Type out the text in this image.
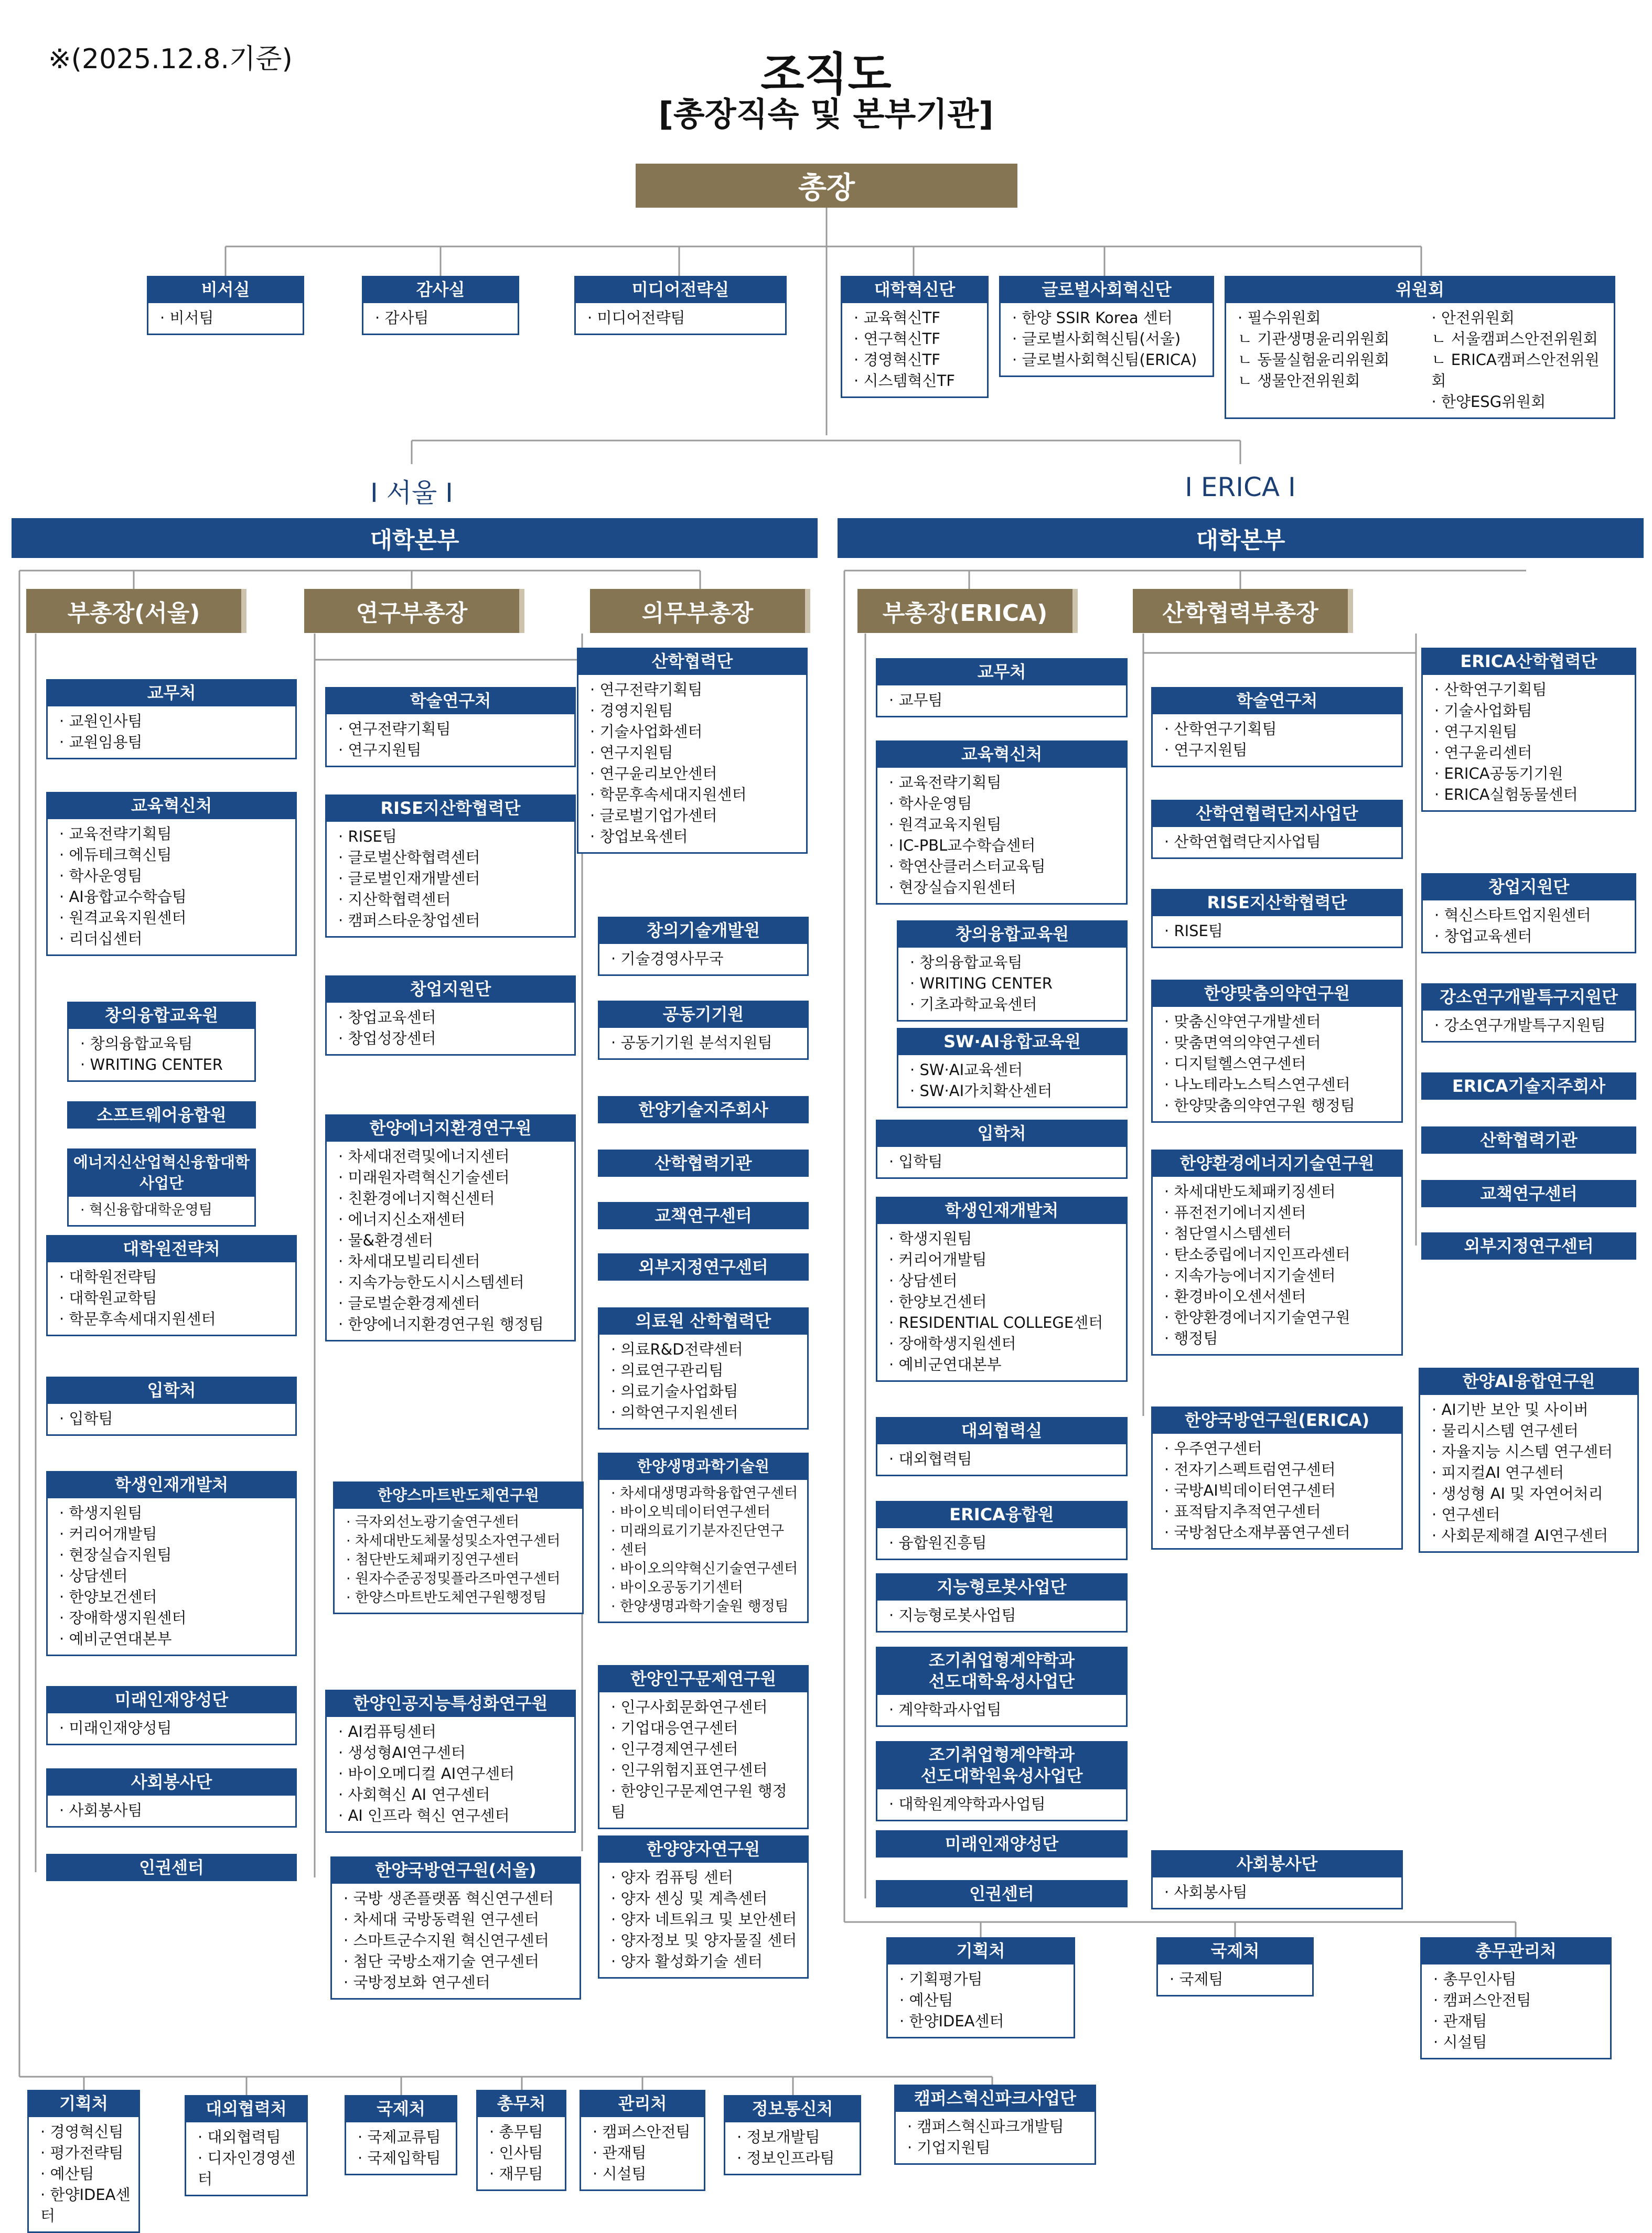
※(2025.12.8.기준)	조직도
[총장직속 및 본부기관]
총장
비서실
· 비서팀
감사실
· 감사팀
미디어전략실
· 미디어전략팀
대학혁신단
· 교육혁신TF
· 연구혁신TF
· 경영혁신TF
· 시스템혁신TF
글로벌사회혁신단
· 한양 SSIR Korea 센터
· 글로벌사회혁신팀(서울)
· 글로벌사회혁신팀(ERICA)
위원회
· 필수위원회
ㄴ 기관생명윤리위원회
ㄴ 동물실험윤리위원회
ㄴ 생물안전위원회
· 안전위원회
ㄴ 서울캠퍼스안전위원회
ㄴ ERICA캠퍼스안전위원회
· 한양ESG위원회
Ⅰ 서울 Ⅰ	Ⅰ ERICA Ⅰ
대학본부	대학본부
부총장(서울)	연구부총장	의무부총장	부총장(ERICA)	산학협력부총장
교무처
· 교원인사팀
· 교원임용팀
교육혁신처
· 교육전략기획팀
· 에듀테크혁신팀
· 학사운영팀
· AI융합교수학습팀
· 원격교육지원센터
· 리더십센터
창의융합교육원
· 창의융합교육팀
· WRITING CENTER
소프트웨어융합원
에너지신산업혁신융합대학사업단
· 혁신융합대학운영팀
대학원전략처
· 대학원전략팀
· 대학원교학팀
· 학문후속세대지원센터
입학처
· 입학팀
학생인재개발처
· 학생지원팀
· 커리어개발팀
· 현장실습지원팀
· 상담센터
· 한양보건센터
· 장애학생지원센터
· 예비군연대본부
미래인재양성단
· 미래인재양성팀
사회봉사단
· 사회봉사팀
인권센터
학술연구처
· 연구전략기획팀
· 연구지원팀
RISE지산학협력단
· RISE팀
· 글로벌산학협력센터
· 글로벌인재개발센터
· 지산학협력센터
· 캠퍼스타운창업센터
창업지원단
· 창업교육센터
· 창업성장센터
한양에너지환경연구원
· 차세대전력및에너지센터
· 미래원자력혁신기술센터
· 친환경에너지혁신센터
· 에너지신소재센터
· 물&환경센터
· 차세대모빌리티센터
· 지속가능한도시시스템센터
· 글로벌순환경제센터
· 한양에너지환경연구원 행정팀
한양스마트반도체연구원
· 극자외선노광기술연구센터
· 차세대반도체물성및소자연구센터
· 첨단반도체패키징연구센터
· 원자수준공정및플라즈마연구센터
· 한양스마트반도체연구원행정팀
한양인공지능특성화연구원
· AI컴퓨팅센터
· 생성형AI연구센터
· 바이오메디컬 AI연구센터
· 사회혁신 AI 연구센터
· AI 인프라 혁신 연구센터
한양국방연구원(서울)
· 국방 생존플랫폼 혁신연구센터
· 차세대 국방동력원 연구센터
· 스마트군수지원 혁신연구센터
· 첨단 국방소재기술 연구센터
· 국방정보화 연구센터
산학협력단
· 연구전략기획팀
· 경영지원팀
· 기술사업화센터
· 연구지원팀
· 연구윤리보안센터
· 학문후속세대지원센터
· 글로벌기업가센터
· 창업보육센터
창의기술개발원
· 기술경영사무국
공동기기원
· 공동기기원 분석지원팀
한양기술지주회사
산학협력기관
교책연구센터
외부지정연구센터
의료원 산학협력단
· 의료R&D전략센터
· 의료연구관리팀
· 의료기술사업화팀
· 의학연구지원센터
한양생명과학기술원
· 차세대생명과학융합연구센터
· 바이오빅데이터연구센터
· 미래의료기기분자진단연구
· 센터
· 바이오의약혁신기술연구센터
· 바이오공동기기센터
· 한양생명과학기술원 행정팀
한양인구문제연구원
· 인구사회문화연구센터
· 기업대응연구센터
· 인구경제연구센터
· 인구위험지표연구센터
· 한양인구문제연구원 행정팀
한양양자연구원
· 양자 컴퓨팅 센터
· 양자 센싱 및 계측센터
· 양자 네트워크 및 보안센터
· 양자정보 및 양자물질 센터
· 양자 활성화기술 센터
기획처
· 경영혁신팀
· 평가전략팀
· 예산팀
· 한양IDEA센터
대외협력처
· 대외협력팀
· 디자인경영센터
국제처
· 국제교류팀
· 국제입학팀
총무처
· 총무팀
· 인사팀
· 재무팀
관리처
· 캠퍼스안전팀
· 관재팀
· 시설팀
정보통신처
· 정보개발팀
· 정보인프라팀
캠퍼스혁신파크사업단
· 캠퍼스혁신파크개발팀
· 기업지원팀
교무처
· 교무팀
교육혁신처
· 교육전략기획팀
· 학사운영팀
· 원격교육지원팀
· IC-PBL교수학습센터
· 학연산클러스터교육팀
· 현장실습지원센터
창의융합교육원
· 창의융합교육팀
· WRITING CENTER
· 기초과학교육센터
SW·AI융합교육원
· SW·AI교육센터
· SW·AI가치확산센터
입학처
· 입학팀
학생인재개발처
· 학생지원팀
· 커리어개발팀
· 상담센터
· 한양보건센터
· RESIDENTIAL COLLEGE센터
· 장애학생지원센터
· 예비군연대본부
대외협력실
· 대외협력팀
ERICA융합원
· 융합원진흥팀
지능형로봇사업단
· 지능형로봇사업팀
조기취업형계약학과
선도대학육성사업단
· 계약학과사업팀
조기취업형계약학과
선도대학원육성사업단
· 대학원계약학과사업팀
미래인재양성단
인권센터
학술연구처
· 산학연구기획팀
· 연구지원팀
산학연협력단지사업단
· 산학연협력단지사업팀
RISE지산학협력단
· RISE팀
한양맞춤의약연구원
· 맞춤신약연구개발센터
· 맞춤면역의약연구센터
· 디지털헬스연구센터
· 나노테라노스틱스연구센터
· 한양맞춤의약연구원 행정팀
한양환경에너지기술연구원
· 차세대반도체패키징센터
· 퓨전전기에너지센터
· 첨단열시스템센터
· 탄소중립에너지인프라센터
· 지속가능에너지기술센터
· 환경바이오센서센터
· 한양환경에너지기술연구원
· 행정팀
한양국방연구원(ERICA)
· 우주연구센터
· 전자기스펙트럼연구센터
· 국방AI빅데이터연구센터
· 표적탐지추적연구센터
· 국방첨단소재부품연구센터
사회봉사단
· 사회봉사팀
ERICA산학협력단
· 산학연구기획팀
· 기술사업화팀
· 연구지원팀
· 연구윤리센터
· ERICA공동기기원
· ERICA실험동물센터
창업지원단
· 혁신스타트업지원센터
· 창업교육센터
강소연구개발특구지원단
· 강소연구개발특구지원팀
ERICA기술지주회사
산학협력기관
교책연구센터
외부지정연구센터
한양AI융합연구원
· AI기반 보안 및 사이버
· 물리시스템 연구센터
· 자율지능 시스템 연구센터
· 피지컬AI 연구센터
· 생성형 AI 및 자연어처리
· 연구센터
· 사회문제해결 AI연구센터
기획처
· 기획평가팀
· 예산팀
· 한양IDEA센터
국제처
· 국제팀
총무관리처
· 총무인사팀
· 캠퍼스안전팀
· 관재팀
· 시설팀
